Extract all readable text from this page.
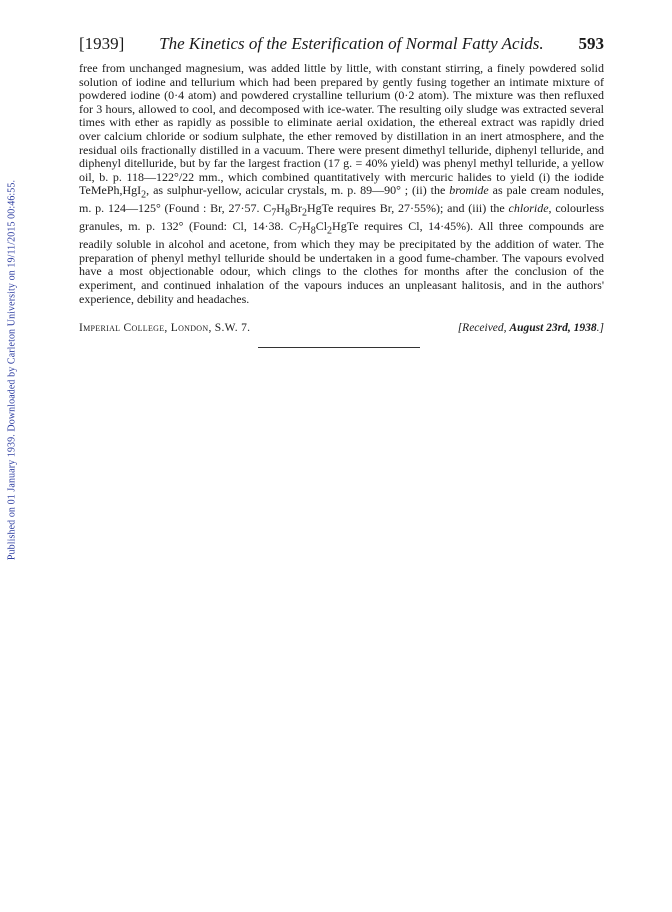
Published on 01 January 1939. Downloaded by Carleton University on 19/11/2015 00:46:55.
[1939] The Kinetics of the Esterification of Normal Fatty Acids. 593

free from unchanged magnesium, was added little by little, with constant stirring, a finely powdered solid solution of iodine and tellurium which had been prepared by gently fusing together an intimate mixture of powdered iodine (0·4 atom) and powdered crystalline tellurium (0·2 atom). The mixture was then refluxed for 3 hours, allowed to cool, and decomposed with ice-water. The resulting oily sludge was extracted several times with ether as rapidly as possible to eliminate aerial oxidation, the ethereal extract was rapidly dried over calcium chloride or sodium sulphate, the ether removed by distillation in an inert atmosphere, and the residual oils fractionally distilled in a vacuum. There were present dimethyl telluride, diphenyl telluride, and diphenyl ditelluride, but by far the largest fraction (17 g. = 40% yield) was phenyl methyl telluride, a yellow oil, b. p. 118—122°/22 mm., which combined quantitatively with mercuric halides to yield (i) the iodide TeMePh,HgI$_2$, as sulphur-yellow, acicular crystals, m. p. 89—90° ; (ii) the bromide as pale cream nodules, m. p. 124—125° (Found : Br, 27·57. $C_7H_8Br_2HgTe$ requires Br, 27·55%); and (iii) the chloride, colourless granules, m. p. 132° (Found: Cl, 14·38. $C_7H_8Cl_2HgTe$ requires Cl, 14·45%). All three compounds are readily soluble in alcohol and acetone, from which they may be precipitated by the addition of water. The preparation of phenyl methyl telluride should be undertaken in a good fume-chamber. The vapours evolved have a most objectionable odour, which clings to the clothes for months after the conclusion of the experiment, and continued inhalation of the vapours induces an unpleasant halitosis, and in the authors' experience, debility and headaches.

Imperial College, London, S.W. 7.	[Received, August 23rd, 1938.]
